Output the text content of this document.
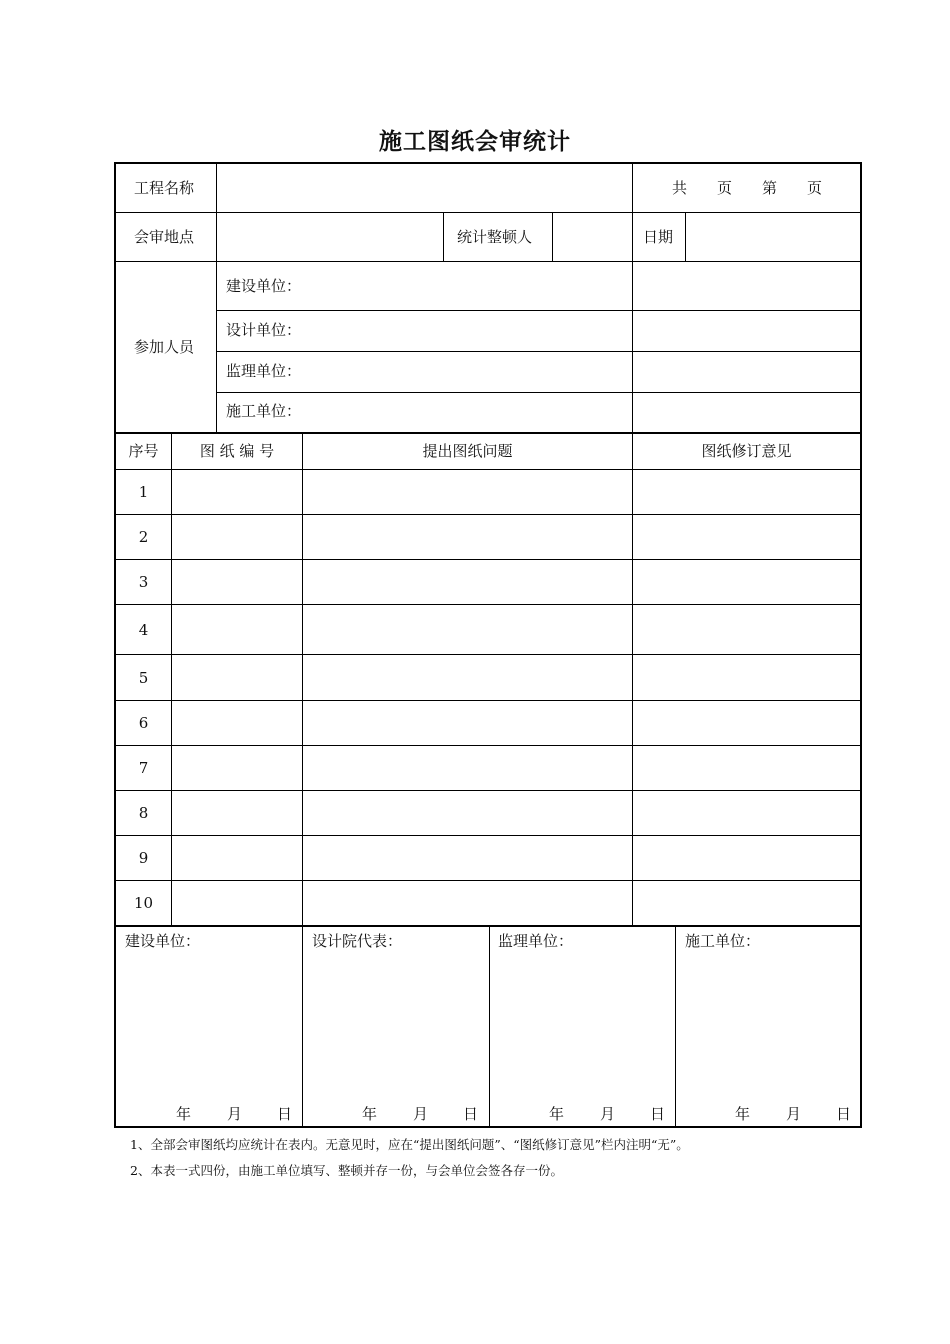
施工图纸会审统计
工程名称	共　　页　　第　　页
会审地点	统计整顿人	日期
参加人员
建设单位：
设计单位：
监理单位：
施工单位：
序号	图 纸 编 号	提出图纸问题	图纸修订意见
1
2
3
4
5
6
7
8
9
10
建设单位：	设计院代表：	监理单位：	施工单位：
年 月 日	年 月 日	年 月 日	年 月 日
1、全部会审图纸均应统计在表内。无意见时，应在“提出图纸问题”、“图纸修订意见”栏内注明“无”。
2、本表一式四份，由施工单位填写、整顿并存一份，与会单位会签各存一份。
